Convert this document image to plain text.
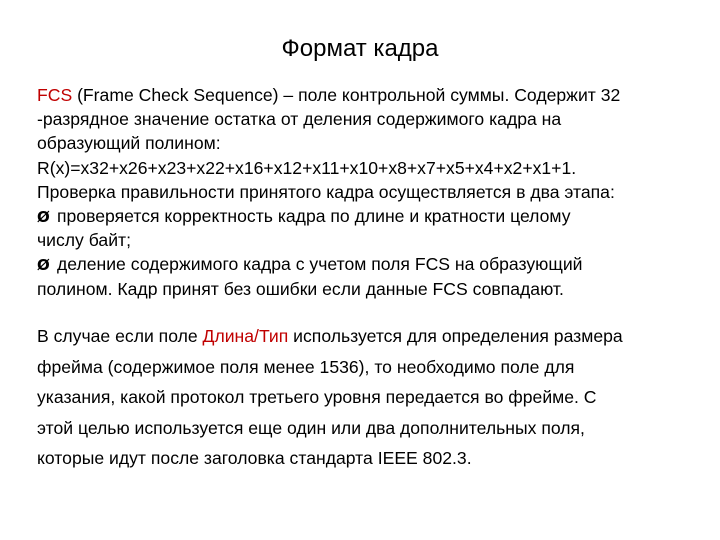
Формат кадра
FCS (Frame Check Sequence) – поле контрольной суммы. Содержит 32
-разрядное значение остатка от деления содержимого кадра на
образующий полином:
R(x)=x32+x26+x23+x22+x16+x12+x11+x10+x8+x7+x5+x4+x2+x1+1.
Проверка правильности принятого кадра осуществляется в два этапа:
Ø проверяется корректность кадра по длине и кратности целому
числу байт;
Ø деление содержимого кадра с учетом поля FCS на образующий
полином. Кадр принят без ошибки если данные FCS совпадают.
В случае если поле Длина/Тип используется для определения размера
фрейма (содержимое поля менее 1536), то необходимо поле для
указания, какой протокол третьего уровня передается во фрейме. С
этой целью используется еще один или два дополнительных поля,
которые идут после заголовка стандарта IEEE 802.3.
